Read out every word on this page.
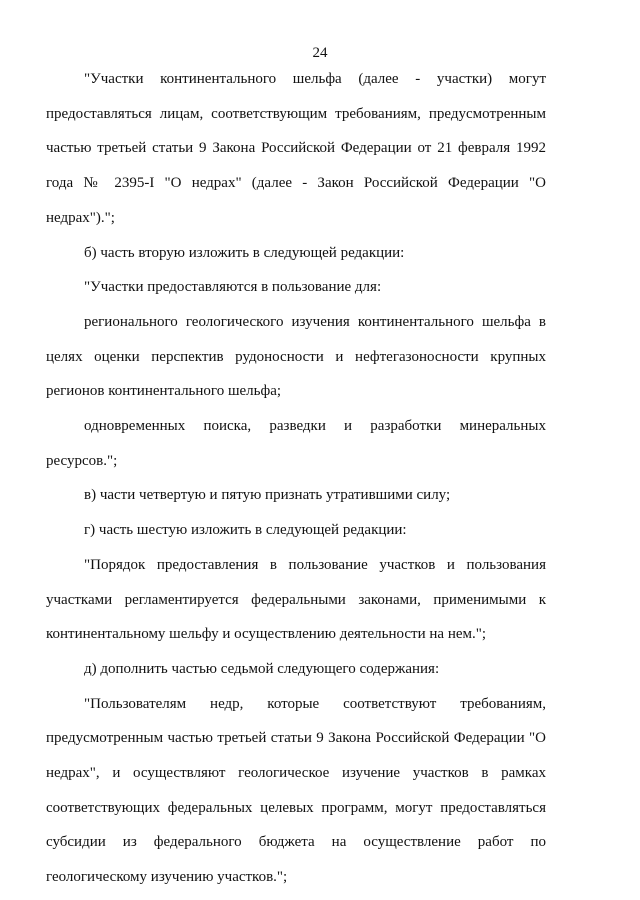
24

"Участки континентального шельфа (далее - участки) могут предоставляться лицам, соответствующим требованиям, предусмотренным частью третьей статьи 9 Закона Российской Федерации от 21 февраля 1992 года № 2395-I "О недрах" (далее - Закон Российской Федерации "О недрах").";

б) часть вторую изложить в следующей редакции:

"Участки предоставляются в пользование для:

регионального геологического изучения континентального шельфа в целях оценки перспектив рудоносности и нефтегазоносности крупных регионов континентального шельфа;

одновременных поиска, разведки и разработки минеральных ресурсов.";

в) части четвертую и пятую признать утратившими силу;

г) часть шестую изложить в следующей редакции:

"Порядок предоставления в пользование участков и пользования участками регламентируется федеральными законами, применимыми к континентальному шельфу и осуществлению деятельности на нем.";

д) дополнить частью седьмой следующего содержания:

"Пользователям недр, которые соответствуют требованиям, предусмотренным частью третьей статьи 9 Закона Российской Федерации "О недрах", и осуществляют геологическое изучение участков в рамках соответствующих федеральных целевых программ, могут предоставляться субсидии из федерального бюджета на осуществление работ по геологическому изучению участков.";
